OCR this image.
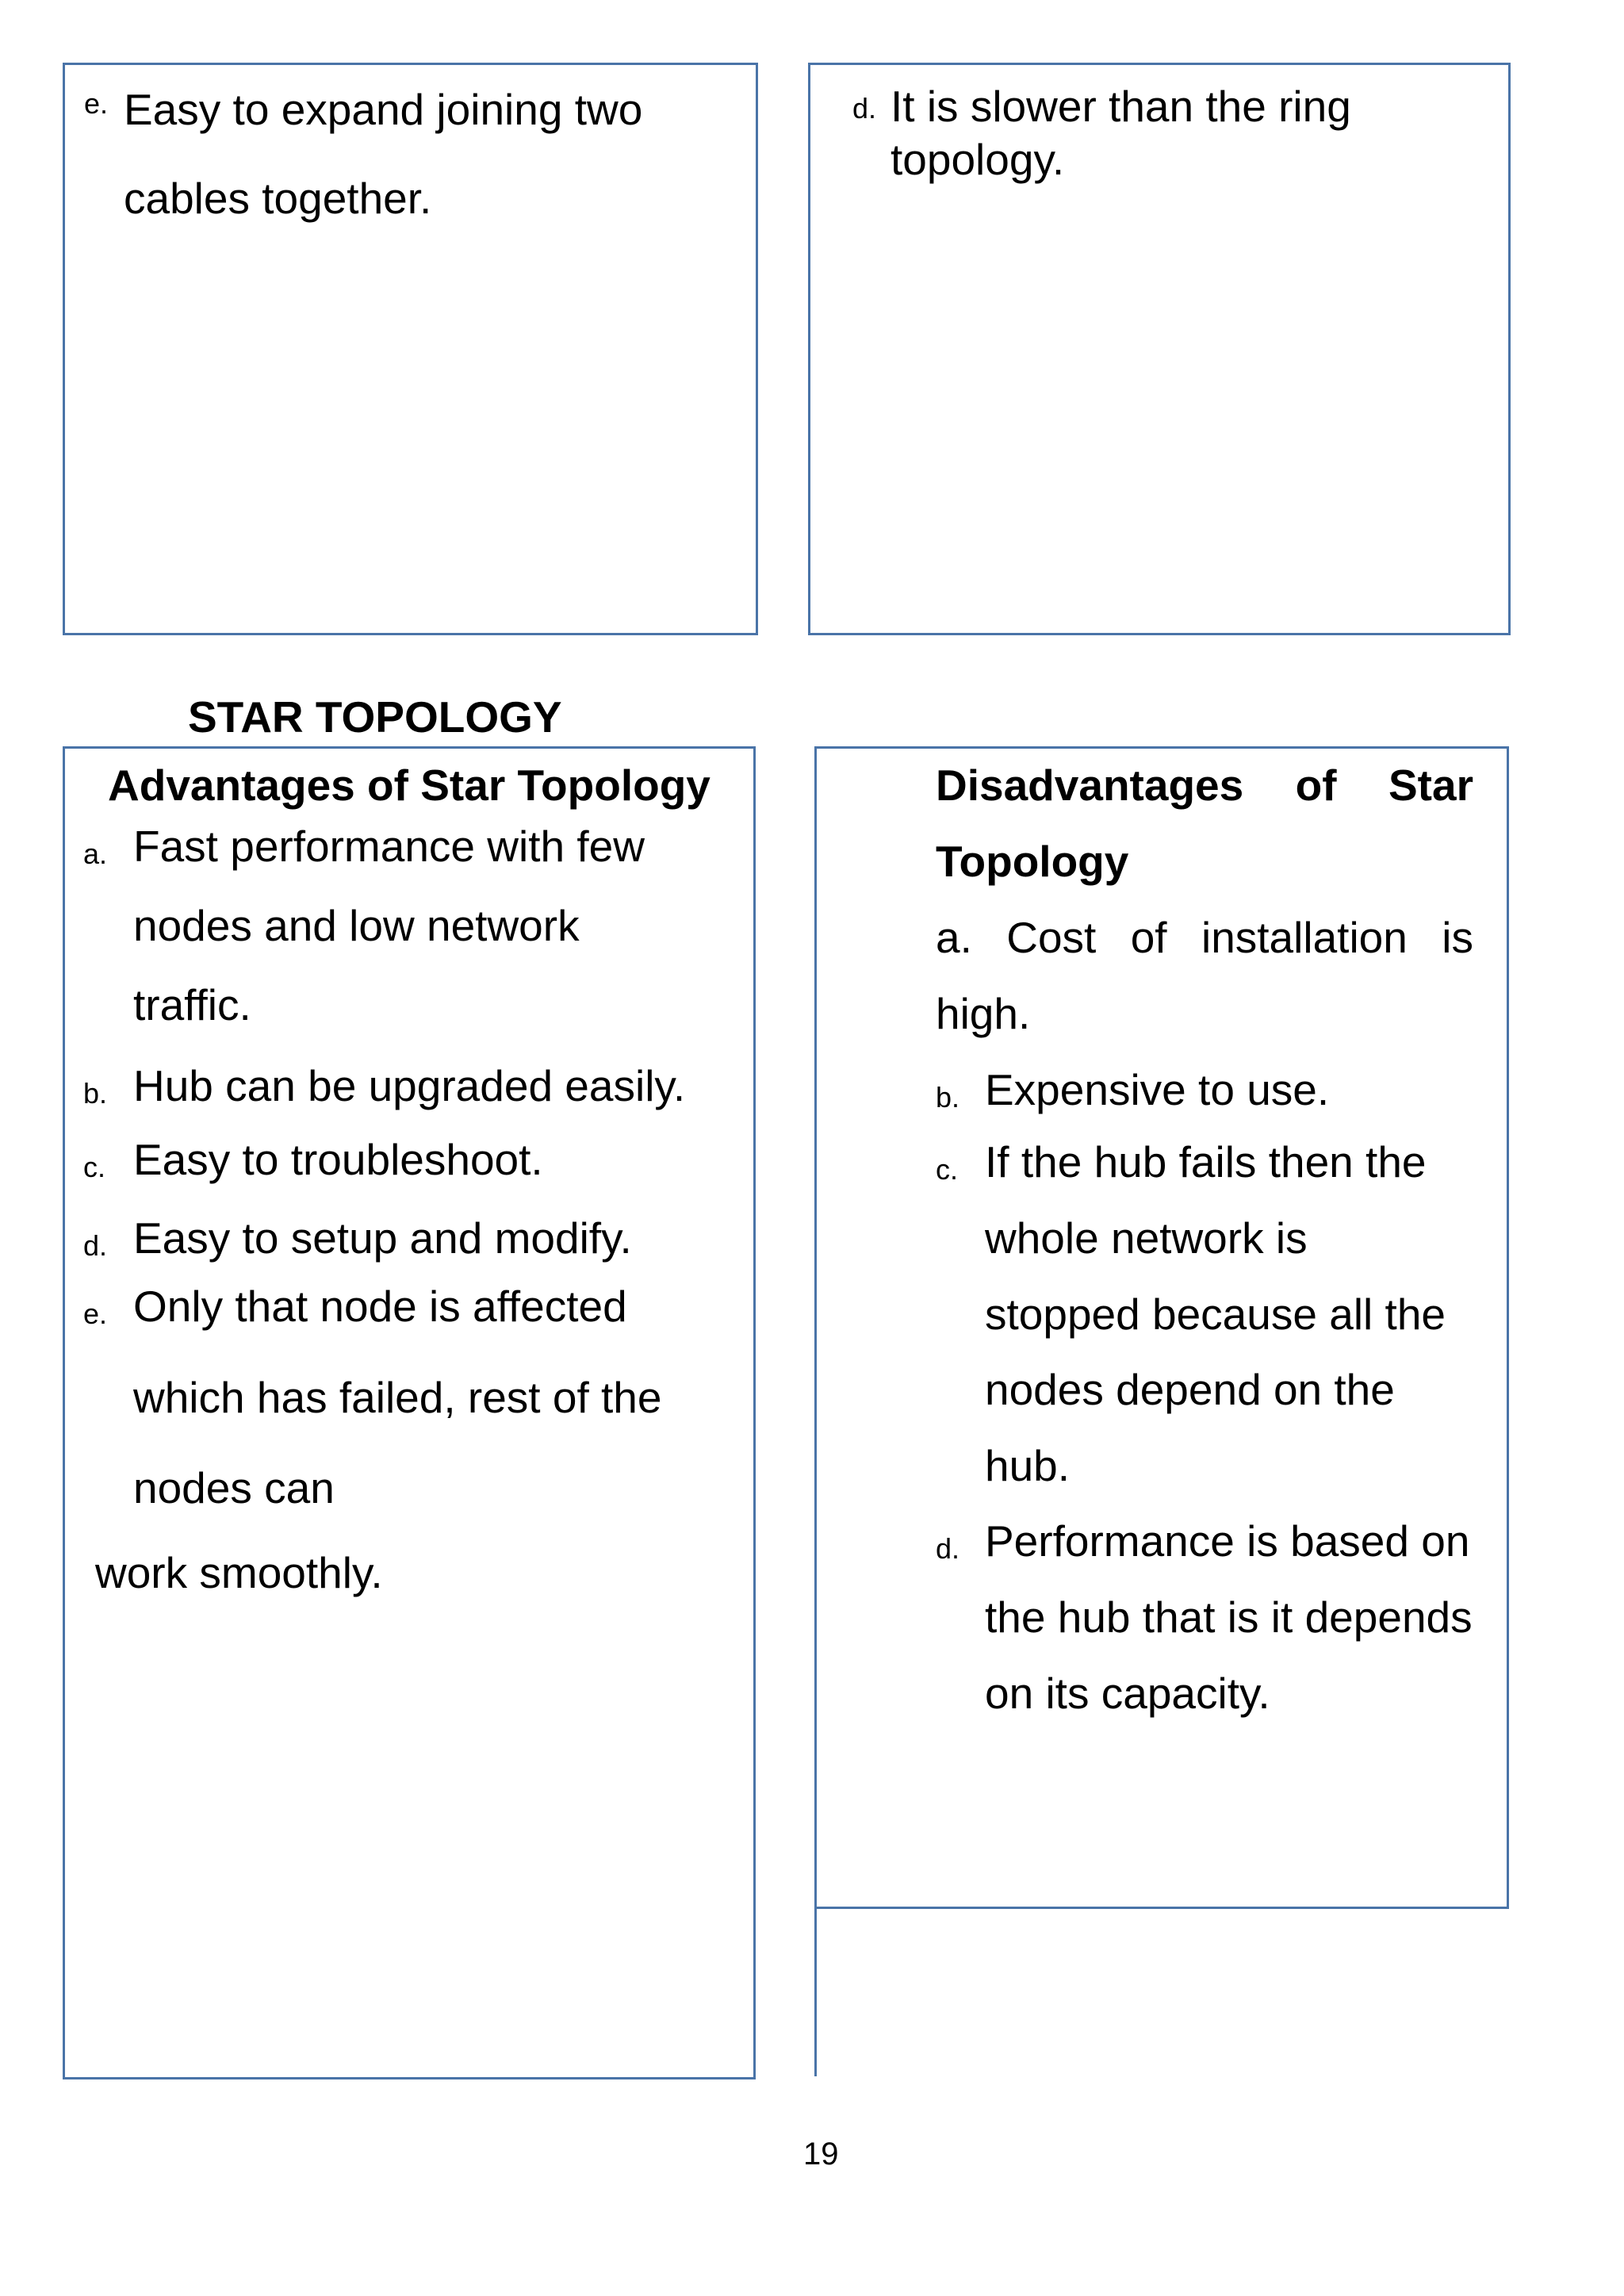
e. Easy to expand joining two
cables together.
d. It is slower than the ring
topology.
STAR TOPOLOGY
Advantages of Star Topology
a. Fast performance with few
nodes and low network
traffic.
b. Hub can be upgraded easily.
c. Easy to troubleshoot.
d. Easy to setup and modify.
e. Only that node is affected
which has failed, rest of the
nodes can
work smoothly.
Disadvantages of Star
Topology
a. Cost of installation is
high.
b. Expensive to use.
c. If the hub fails then the
whole network is
stopped because all the
nodes depend on the
hub.
d. Performance is based on
the hub that is it depends
on its capacity.
19
